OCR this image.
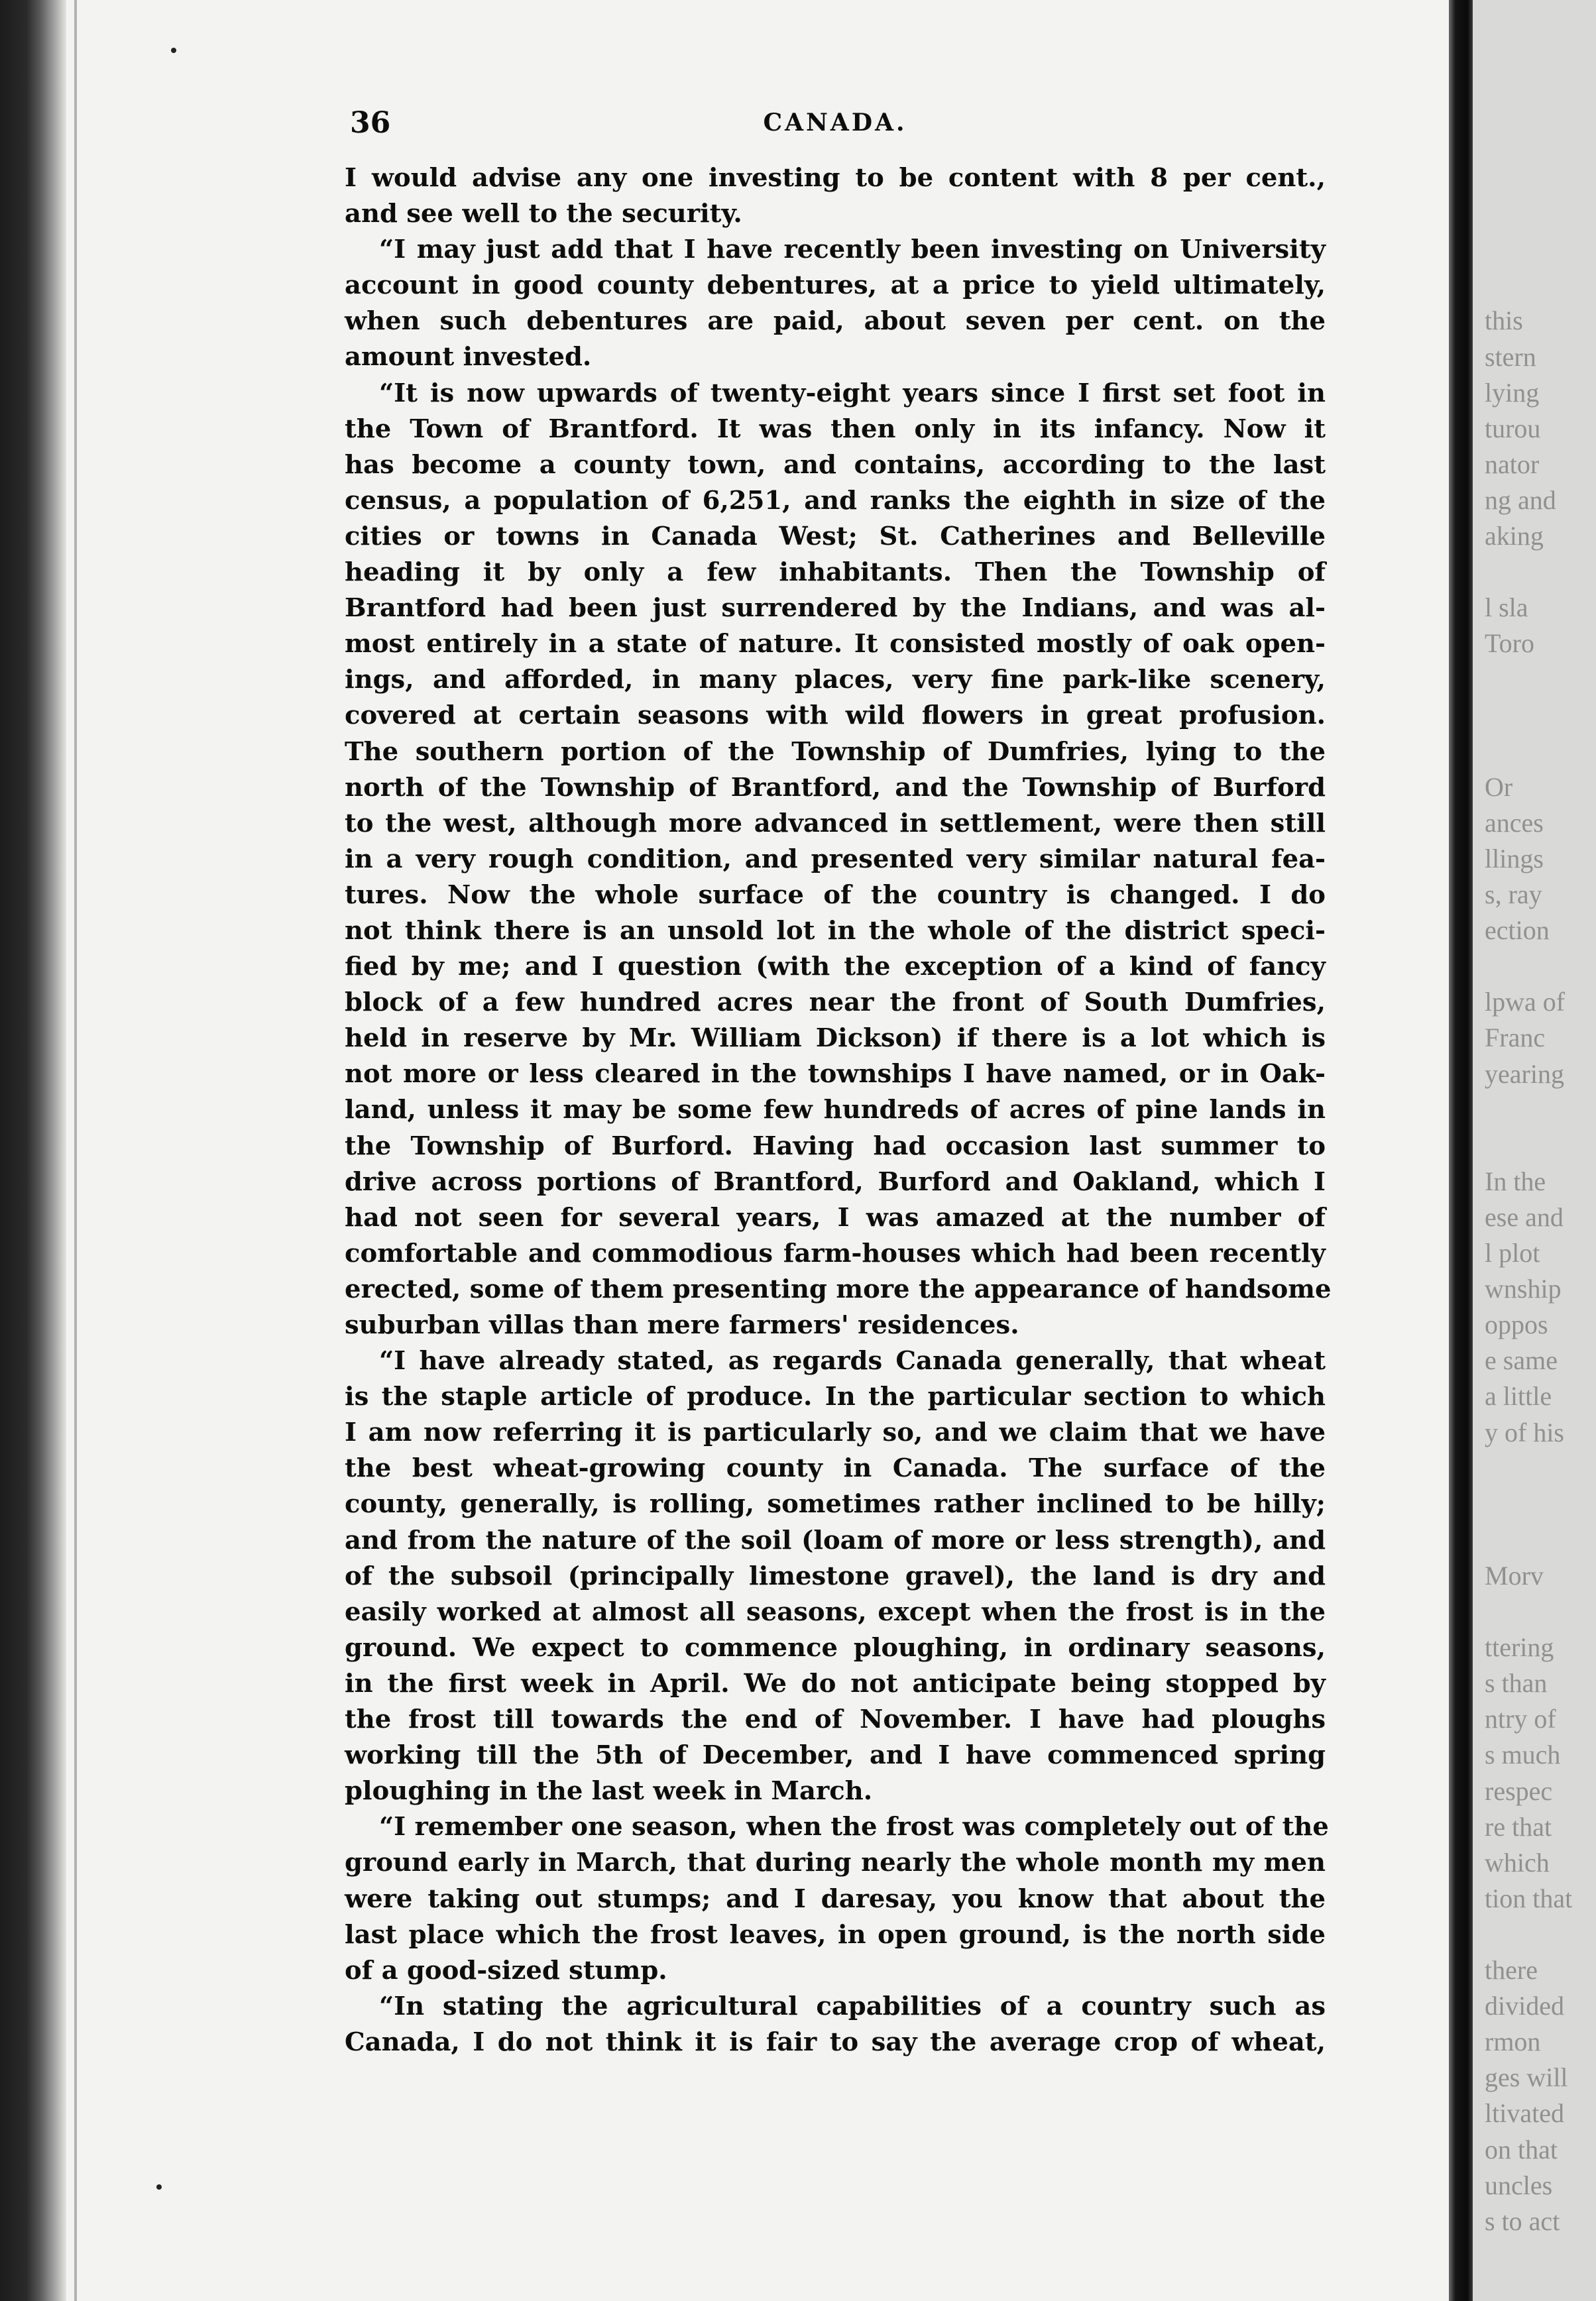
36	CANADA.
I would advise any one investing to be content with 8 per cent.,
and see well to the security.
“I may just add that I have recently been investing on University
account in good county debentures, at a price to yield ultimately,
when such debentures are paid, about seven per cent. on the
amount invested.
“It is now upwards of twenty-eight years since I first set foot in
the Town of Brantford. It was then only in its infancy. Now it
has become a county town, and contains, according to the last
census, a population of 6,251, and ranks the eighth in size of the
cities or towns in Canada West; St. Catherines and Belleville
heading it by only a few inhabitants. Then the Township of
Brantford had been just surrendered by the Indians, and was al-
most entirely in a state of nature. It consisted mostly of oak open-
ings, and afforded, in many places, very fine park-like scenery,
covered at certain seasons with wild flowers in great profusion.
The southern portion of the Township of Dumfries, lying to the
north of the Township of Brantford, and the Township of Burford
to the west, although more advanced in settlement, were then still
in a very rough condition, and presented very similar natural fea-
tures. Now the whole surface of the country is changed. I do
not think there is an unsold lot in the whole of the district speci-
fied by me; and I question (with the exception of a kind of fancy
block of a few hundred acres near the front of South Dumfries,
held in reserve by Mr. William Dickson) if there is a lot which is
not more or less cleared in the townships I have named, or in Oak-
land, unless it may be some few hundreds of acres of pine lands in
the Township of Burford. Having had occasion last summer to
drive across portions of Brantford, Burford and Oakland, which I
had not seen for several years, I was amazed at the number of
comfortable and commodious farm-houses which had been recently
erected, some of them presenting more the appearance of handsome
suburban villas than mere farmers' residences.
“I have already stated, as regards Canada generally, that wheat
is the staple article of produce. In the particular section to which
I am now referring it is particularly so, and we claim that we have
the best wheat-growing county in Canada. The surface of the
county, generally, is rolling, sometimes rather inclined to be hilly;
and from the nature of the soil (loam of more or less strength), and
of the subsoil (principally limestone gravel), the land is dry and
easily worked at almost all seasons, except when the frost is in the
ground. We expect to commence ploughing, in ordinary seasons,
in the first week in April. We do not anticipate being stopped by
the frost till towards the end of November. I have had ploughs
working till the 5th of December, and I have commenced spring
ploughing in the last week in March.
“I remember one season, when the frost was completely out of the
ground early in March, that during nearly the whole month my men
were taking out stumps; and I daresay, you know that about the
last place which the frost leaves, in open ground, is the north side
of a good-sized stump.
“In stating the agricultural capabilities of a country such as
Canada, I do not think it is fair to say the average crop of wheat,
this
stern
lying
turou
nator
ng and
aking
l sla
Toro
Or
ances
llings
s, ray
ection
lpwa of
Franc
yearing
In the
ese and
l plot
wnship
oppos
e same
a little
y of his
Morv
ttering
s than
ntry of
s much
respec
re that
which
tion that
there
divided
rmon
ges will
ltivated
on that
uncles
s to act
